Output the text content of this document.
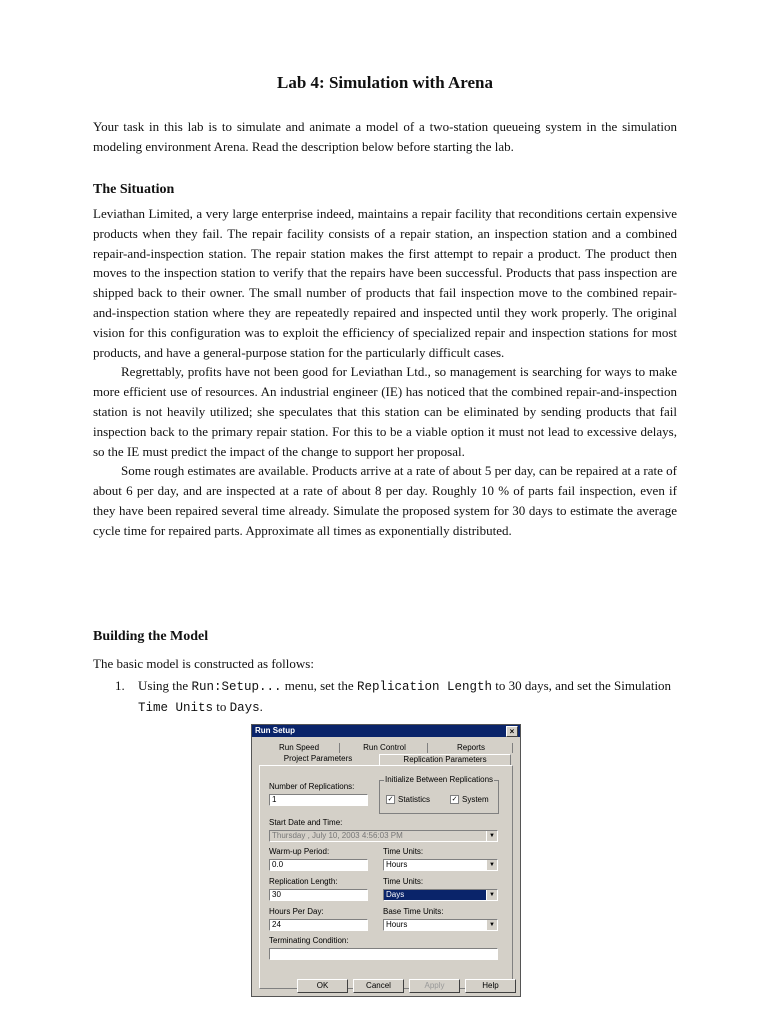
Lab 4: Simulation with Arena

Your task in this lab is to simulate and animate a model of a two-station queueing system in the simulation modeling environment Arena. Read the description below before starting the lab.

The Situation

Leviathan Limited, a very large enterprise indeed, maintains a repair facility that reconditions certain expensive products when they fail. The repair facility consists of a repair station, an inspection station and a combined repair-and-inspection station. The repair station makes the first attempt to repair a product. The product then moves to the inspection station to verify that the repairs have been successful. Products that pass inspection are shipped back to their owner. The small number of products that fail inspection move to the combined repair-and-inspection station where they are repeatedly repaired and inspected until they work properly. The original vision for this configuration was to exploit the efficiency of specialized repair and inspection stations for most products, and have a general-purpose station for the particularly difficult cases.

Regrettably, profits have not been good for Leviathan Ltd., so management is searching for ways to make more efficient use of resources. An industrial engineer (IE) has noticed that the combined repair-and-inspection station is not heavily utilized; she speculates that this station can be eliminated by sending products that fail inspection back to the primary repair station. For this to be a viable option it must not lead to excessive delays, so the IE must predict the impact of the change to support her proposal.

Some rough estimates are available. Products arrive at a rate of about 5 per day, can be repaired at a rate of about 6 per day, and are inspected at a rate of about 8 per day. Roughly 10 % of parts fail inspection, even if they have been repaired several time already. Simulate the proposed system for 30 days to estimate the average cycle time for repaired parts. Approximate all times as exponentially distributed.

Building the Model

The basic model is constructed as follows:

1. Using the Run:Setup... menu, set the Replication Length to 30 days, and set the Simulation Time Units to Days.
Run Setup	×
Run Speed	Run Control	Reports
Project Parameters	Replication Parameters
Number of Replications:
1
Initialize Between Replications
✓ Statistics	✓ System
Start Date and Time:
Thursday , July 10, 2003 4:56:03 PM	▼
Warm-up Period:
0.0
Time Units:
Hours	▼
Replication Length:
30
Time Units:
Days	▼
Hours Per Day:
24
Base Time Units:
Hours	▼
Terminating Condition:
OK	Cancel	Apply	Help
